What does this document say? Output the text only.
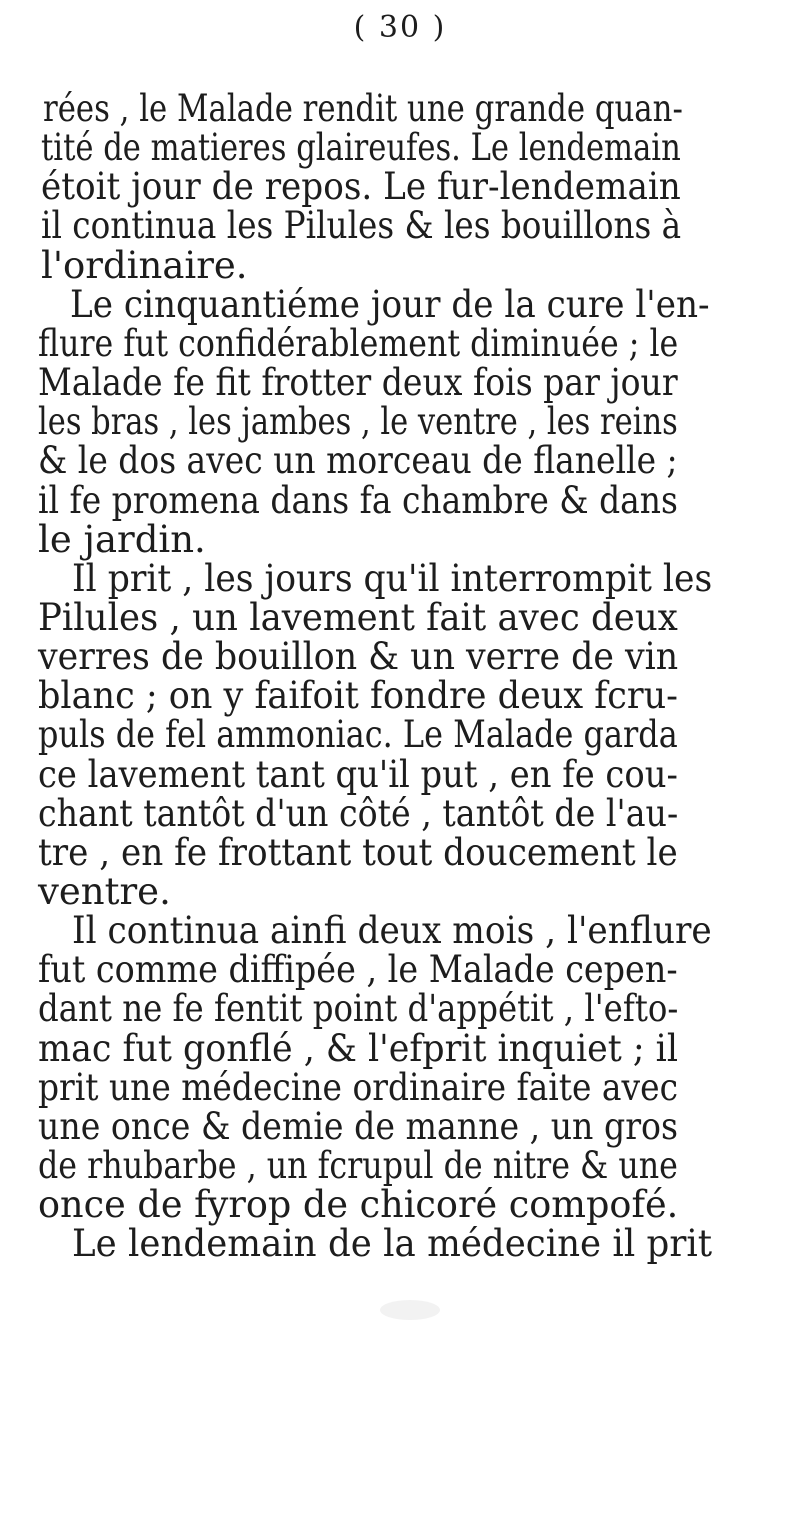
( 30 )
rées , le Malade rendit une grande quan-
tité de matieres glaireufes. Le lendemain
étoit jour de repos. Le fur-lendemain
il continua les Pilules & les bouillons à
l'ordinaire.
Le cinquantiéme jour de la cure l'en-
flure fut confidérablement diminuée ; le
Malade fe fit frotter deux fois par jour
les bras , les jambes , le ventre , les reins
& le dos avec un morceau de flanelle ;
il fe promena dans fa chambre & dans
le jardin.
Il prit , les jours qu'il interrompit les
Pilules , un lavement fait avec deux
verres de bouillon & un verre de vin
blanc ; on y faifoit fondre deux fcru-
puls de fel ammoniac. Le Malade garda
ce lavement tant qu'il put , en fe cou-
chant tantôt d'un côté , tantôt de l'au-
tre , en fe frottant tout doucement le
ventre.
Il continua ainfi deux mois , l'enflure
fut comme diffipée , le Malade cepen-
dant ne fe fentit point d'appétit , l'efto-
mac fut gonflé , & l'efprit inquiet ; il
prit une médecine ordinaire faite avec
une once & demie de manne , un gros
de rhubarbe , un fcrupul de nitre & une
once de fyrop de chicoré compofé.
Le lendemain de la médecine il prit
